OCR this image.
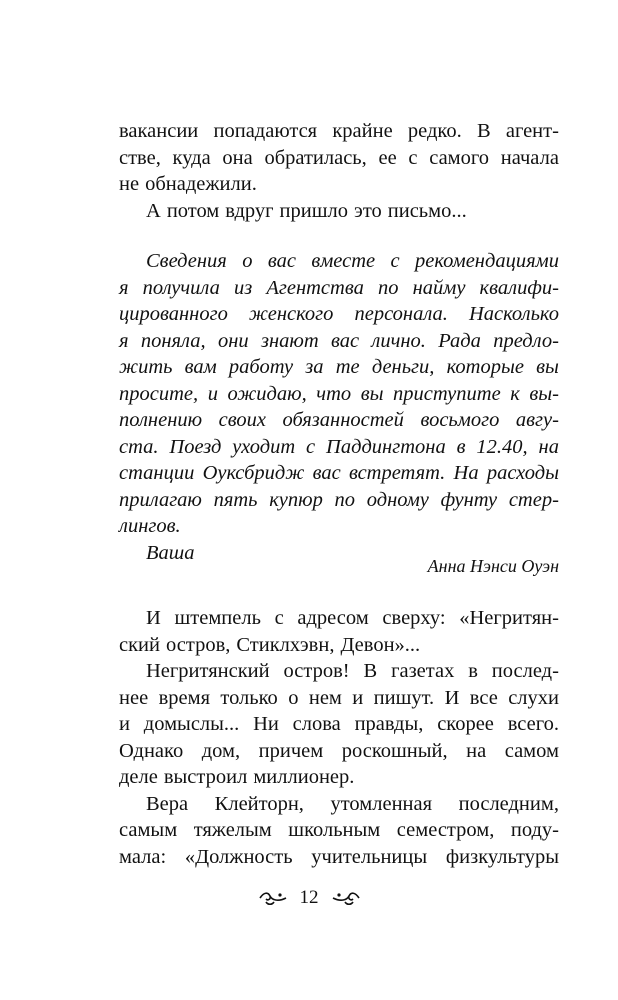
вакансии попадаются крайне редко. В агент-
стве, куда она обратилась, ее с самого начала
не обнадежили.
А потом вдруг пришло это письмо...
Сведения о вас вместе с рекомендациями
я получила из Агентства по найму квалифи-
цированного женского персонала. Насколько
я поняла, они знают вас лично. Рада предло-
жить вам работу за те деньги, которые вы
просите, и ожидаю, что вы приступите к вы-
полнению своих обязанностей восьмого авгу-
ста. Поезд уходит с Паддингтона в 12.40, на
станции Оуксбридж вас встретят. На расходы
прилагаю пять купюр по одному фунту стер-
лингов.
Ваша
Анна Нэнси Оуэн
И штемпель с адресом сверху: «Негритян-
ский остров, Стиклхэвн, Девон»...
Негритянский остров! В газетах в послед-
нее время только о нем и пишут. И все слухи
и домыслы... Ни слова правды, скорее всего.
Однако дом, причем роскошный, на самом
деле выстроил миллионер.
Вера Клейторн, утомленная последним,
самым тяжелым школьным семестром, поду-
мала: «Должность учительницы физкультуры
12
